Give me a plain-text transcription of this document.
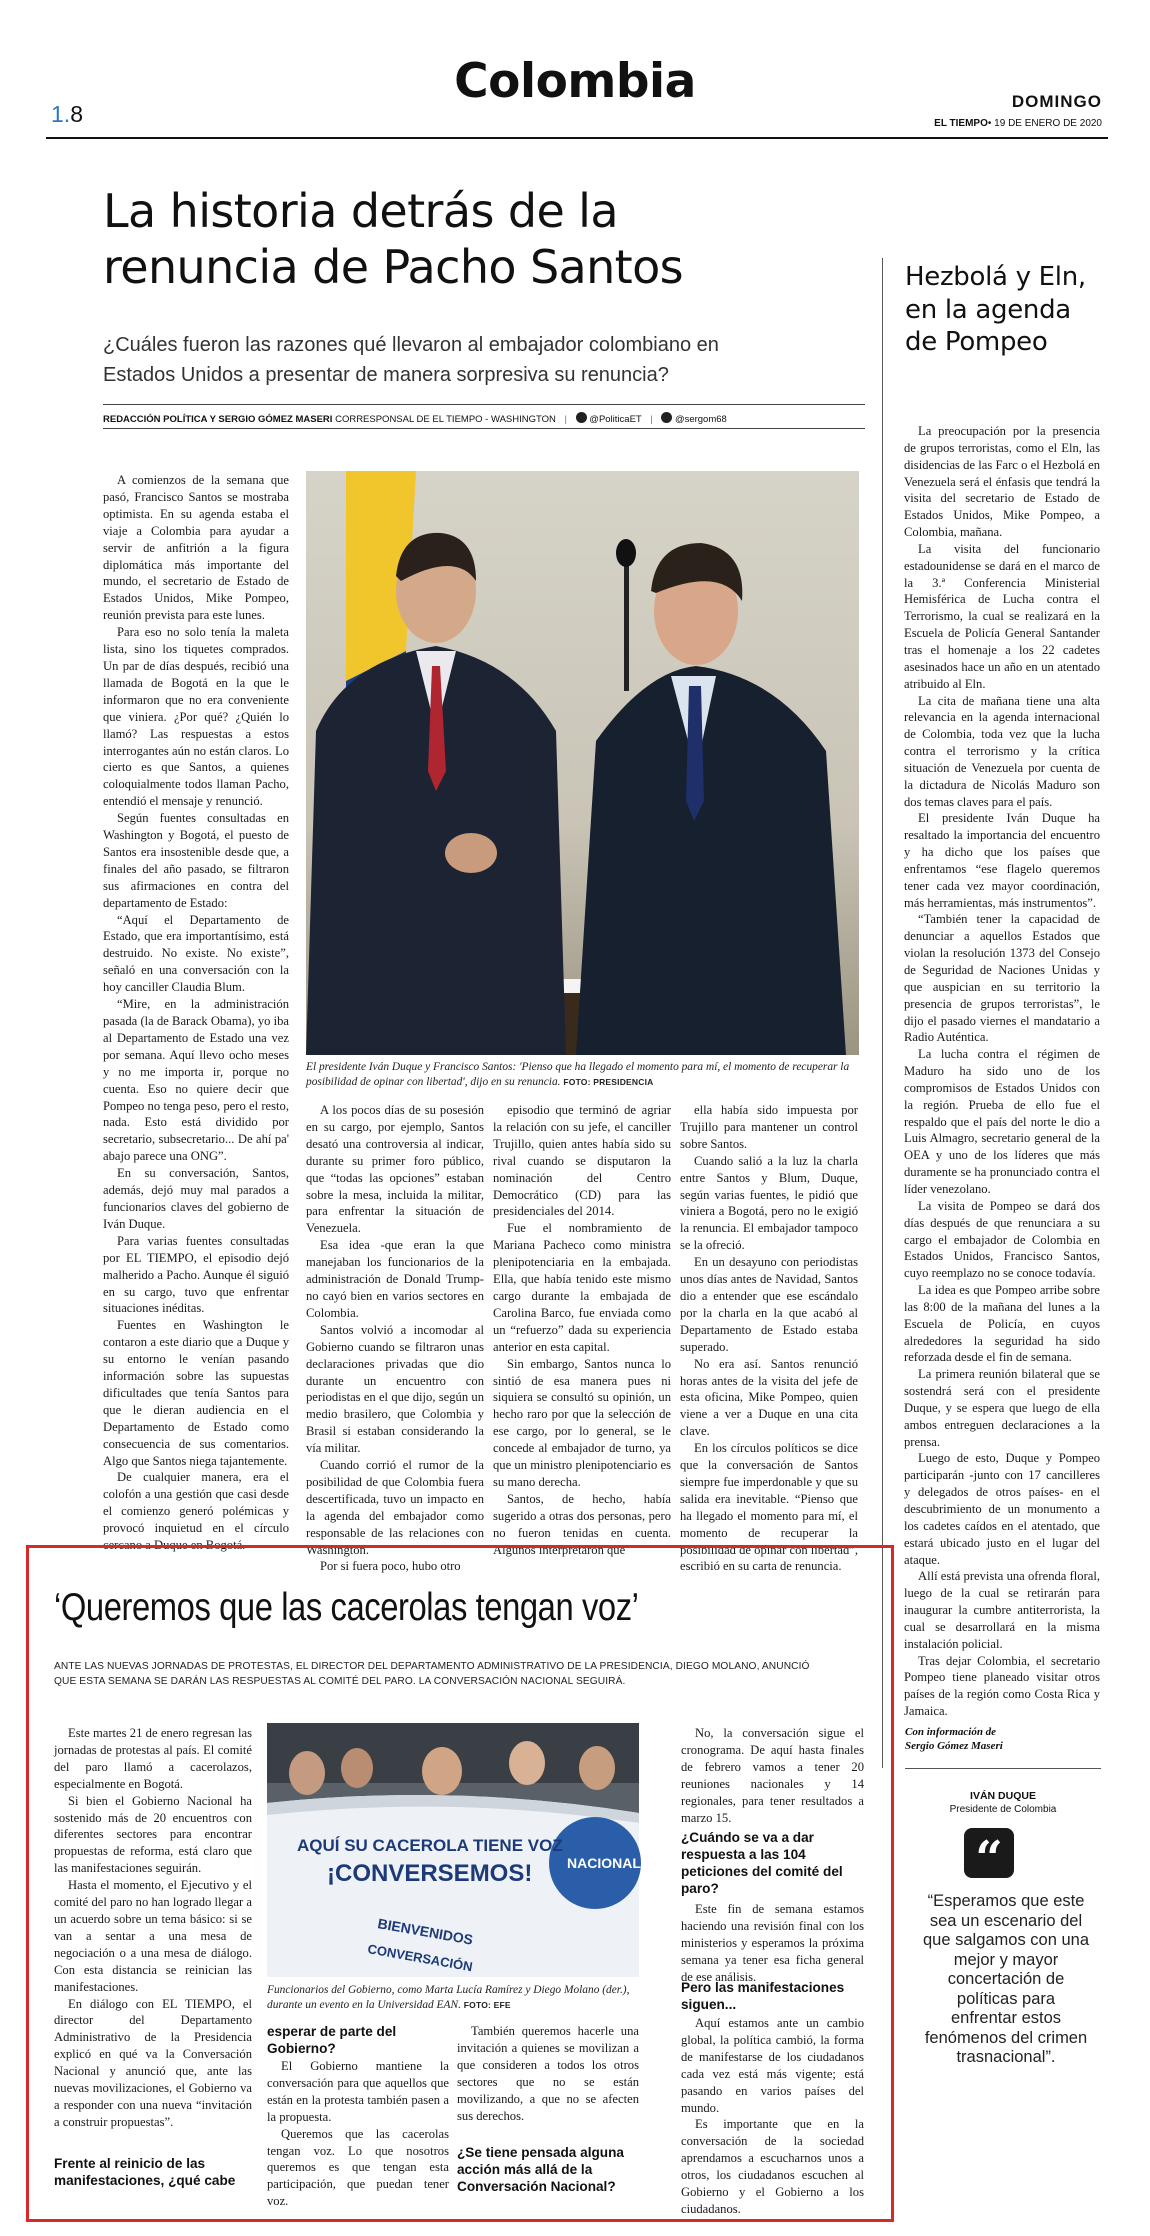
1.8
Colombia	DOMINGO
EL TIEMPO• 19 DE ENERO DE 2020
La historia detrás de la renuncia de Pacho Santos
¿Cuáles fueron las razones qué llevaron al embajador colombiano en Estados Unidos a presentar de manera sorpresiva su renuncia?
REDACCIÓN POLÍTICA Y SERGIO GÓMEZ MASERI CORRESPONSAL DE EL TIEMPO - WASHINGTON | @PoliticaET | @sergom68
El presidente Iván Duque y Francisco Santos: 'Pienso que ha llegado el momento para mí, el momento de recuperar la posibilidad de opinar con libertad', dijo en su renuncia. FOTO: PRESIDENCIA

A comienzos de la semana que pasó, Francisco Santos se mostraba optimista. En su agenda estaba el viaje a Colombia para ayudar a servir de anfitrión a la figura diplomática más importante del mundo, el secretario de Estado de Estados Unidos, Mike Pompeo, reunión prevista para este lunes.

Para eso no solo tenía la maleta lista, sino los tiquetes comprados. Un par de días después, recibió una llamada de Bogotá en la que le informaron que no era conveniente que viniera. ¿Por qué? ¿Quién lo llamó? Las respuestas a estos interrogantes aún no están claros. Lo cierto es que Santos, a quienes coloquialmente todos llaman Pacho, entendió el mensaje y renunció.

Según fuentes consultadas en Washington y Bogotá, el puesto de Santos era insostenible desde que, a finales del año pasado, se filtraron sus afirmaciones en contra del departamento de Estado:

“Aquí el Departamento de Estado, que era importantísimo, está destruido. No existe. No existe”, señaló en una conversación con la hoy canciller Claudia Blum.

“Mire, en la administración pasada (la de Barack Obama), yo iba al Departamento de Estado una vez por semana. Aquí llevo ocho meses y no me importa ir, porque no cuenta. Eso no quiere decir que Pompeo no tenga peso, pero el resto, nada. Esto está dividido por secretario, subsecretario... De ahí pa' abajo parece una ONG”.

En su conversación, Santos, además, dejó muy mal parados a funcionarios claves del gobierno de Iván Duque.

Para varias fuentes consultadas por EL TIEMPO, el episodio dejó malherido a Pacho. Aunque él siguió en su cargo, tuvo que enfrentar situaciones inéditas.

Fuentes en Washington le contaron a este diario que a Duque y su entorno le venían pasando información sobre las supuestas dificultades que tenía Santos para que le dieran audiencia en el Departamento de Estado como consecuencia de sus comentarios. Algo que Santos niega tajantemente.

De cualquier manera, era el colofón a una gestión que casi desde el comienzo generó polémicas y provocó inquietud en el círculo cercano a Duque en Bogotá.

A los pocos días de su posesión en su cargo, por ejemplo, Santos desató una controversia al indicar, durante su primer foro público, que “todas las opciones” estaban sobre la mesa, incluida la militar, para enfrentar la situación de Venezuela.

Esa idea -que eran la que manejaban los funcionarios de la administración de Donald Trump- no cayó bien en varios sectores en Colombia.

Santos volvió a incomodar al Gobierno cuando se filtraron unas declaraciones privadas que dio durante un encuentro con periodistas en el que dijo, según un medio brasilero, que Colombia y Brasil si estaban considerando la vía militar.

Cuando corrió el rumor de la posibilidad de que Colombia fuera descertificada, tuvo un impacto en la agenda del embajador como responsable de las relaciones con Washington.

Por si fuera poco, hubo otro

episodio que terminó de agriar la relación con su jefe, el canciller Trujillo, quien antes había sido su rival cuando se disputaron la nominación del Centro Democrático (CD) para las presidenciales del 2014.

Fue el nombramiento de Mariana Pacheco como ministra plenipotenciaria en la embajada. Ella, que había tenido este mismo cargo durante la embajada de Carolina Barco, fue enviada como un “refuerzo” dada su experiencia anterior en esta capital.

Sin embargo, Santos nunca lo sintió de esa manera pues ni siquiera se consultó su opinión, un hecho raro por que la selección de ese cargo, por lo general, se le concede al embajador de turno, ya que un ministro plenipotenciario es su mano derecha.

Santos, de hecho, había sugerido a otras dos personas, pero no fueron tenidas en cuenta. Algunos interpretaron que

ella había sido impuesta por Trujillo para mantener un control sobre Santos.

Cuando salió a la luz la charla entre Santos y Blum, Duque, según varias fuentes, le pidió que viniera a Bogotá, pero no le exigió la renuncia. El embajador tampoco se la ofreció.

En un desayuno con periodistas unos días antes de Navidad, Santos dio a entender que ese escándalo por la charla en la que acabó al Departamento de Estado estaba superado.

No era así. Santos renunció horas antes de la visita del jefe de esta oficina, Mike Pompeo, quien viene a ver a Duque en una cita clave.

En los círculos políticos se dice que la conversación de Santos siempre fue imperdonable y que su salida era inevitable. “Pienso que ha llegado el momento para mí, el momento de recuperar la posibilidad de opinar con libertad”, escribió en su carta de renuncia.

Hezbolá y Eln, en la agenda de Pompeo

La preocupación por la presencia de grupos terroristas, como el Eln, las disidencias de las Farc o el Hezbolá en Venezuela será el énfasis que tendrá la visita del secretario de Estado de Estados Unidos, Mike Pompeo, a Colombia, mañana.

La visita del funcionario estadounidense se dará en el marco de la 3.ª Conferencia Ministerial Hemisférica de Lucha contra el Terrorismo, la cual se realizará en la Escuela de Policía General Santander tras el homenaje a los 22 cadetes asesinados hace un año en un atentado atribuido al Eln.

La cita de mañana tiene una alta relevancia en la agenda internacional de Colombia, toda vez que la lucha contra el terrorismo y la crítica situación de Venezuela por cuenta de la dictadura de Nicolás Maduro son dos temas claves para el país.

El presidente Iván Duque ha resaltado la importancia del encuentro y ha dicho que los países que enfrentamos “ese flagelo queremos tener cada vez mayor coordinación, más herramientas, más instrumentos”.

“También tener la capacidad de denunciar a aquellos Estados que violan la resolución 1373 del Consejo de Seguridad de Naciones Unidas y que auspician en su territorio la presencia de grupos terroristas”, le dijo el pasado viernes el mandatario a Radio Auténtica.

La lucha contra el régimen de Maduro ha sido uno de los compromisos de Estados Unidos con la región. Prueba de ello fue el respaldo que el país del norte le dio a Luis Almagro, secretario general de la OEA y uno de los líderes que más duramente se ha pronunciado contra el líder venezolano.

La visita de Pompeo se dará dos días después de que renunciara a su cargo el embajador de Colombia en Estados Unidos, Francisco Santos, cuyo reemplazo no se conoce todavía.

La idea es que Pompeo arribe sobre las 8:00 de la mañana del lunes a la Escuela de Policía, en cuyos alrededores la seguridad ha sido reforzada desde el fin de semana.

La primera reunión bilateral que se sostendrá será con el presidente Duque, y se espera que luego de ella ambos entreguen declaraciones a la prensa.

Luego de esto, Duque y Pompeo participarán -junto con 17 cancilleres y delegados de otros países- en el descubrimiento de un monumento a los cadetes caídos en el atentado, que estará ubicado justo en el lugar del ataque.

Allí está prevista una ofrenda floral, luego de la cual se retirarán para inaugurar la cumbre antiterrorista, la cual se desarrollará en la misma instalación policial.

Tras dejar Colombia, el secretario Pompeo tiene planeado visitar otros países de la región como Costa Rica y Jamaica.

Con información de
Sergio Gómez Maseri
IVÁN DUQUE
Presidente de Colombia
“
“Esperamos que este sea un escenario del que salgamos con una mejor y mayor concertación de políticas para enfrentar estos fenómenos del crimen trasnacional”.
‘Queremos que las cacerolas tengan voz’
ANTE LAS NUEVAS JORNADAS DE PROTESTAS, EL DIRECTOR DEL DEPARTAMENTO ADMINISTRATIVO DE LA PRESIDENCIA, DIEGO MOLANO, ANUNCIÓ QUE ESTA SEMANA SE DARÁN LAS RESPUESTAS AL COMITÉ DEL PARO. LA CONVERSACIÓN NACIONAL SEGUIRÁ.
AQUÍ SU CACEROLA TIENE VOZ
¡CONVERSEMOS!
BIENVENIDOS
CONVERSACIÓN
NACIONAL
Funcionarios del Gobierno, como Marta Lucía Ramírez y Diego Molano (der.), durante un evento en la Universidad EAN. FOTO: EFE

Este martes 21 de enero regresan las jornadas de protestas al país. El comité del paro llamó a cacerolazos, especialmente en Bogotá.

Si bien el Gobierno Nacional ha sostenido más de 20 encuentros con diferentes sectores para encontrar propuestas de reforma, está claro que las manifestaciones seguirán.

Hasta el momento, el Ejecutivo y el comité del paro no han logrado llegar a un acuerdo sobre un tema básico: si se van a sentar a una mesa de negociación o a una mesa de diálogo. Con esta distancia se reinician las manifestaciones.

En diálogo con EL TIEMPO, el director del Departamento Administrativo de la Presidencia explicó en qué va la Conversación Nacional y anunció que, ante las nuevas movilizaciones, el Gobierno va a responder con una nueva “invitación a construir propuestas”.

Frente al reinicio de las manifestaciones, ¿qué cabe
esperar de parte del Gobierno?

El Gobierno mantiene la conversación para que aquellos que están en la protesta también pasen a la propuesta.

Queremos que las cacerolas tengan voz. Lo que nosotros queremos es que tengan esta participación, que puedan tener voz.

También queremos hacerle una invitación a quienes se movilizan a que consideren a todos los otros sectores que no se están movilizando, a que no se afecten sus derechos.

¿Se tiene pensada alguna acción más allá de la Conversación Nacional?

No, la conversación sigue el cronograma. De aquí hasta finales de febrero vamos a tener 20 reuniones nacionales y 14 regionales, para tener resultados a marzo 15.

¿Cuándo se va a dar respuesta a las 104 peticiones del comité del paro?

Este fin de semana estamos haciendo una revisión final con los ministerios y esperamos la próxima semana ya tener esa ficha general de ese análisis.

Pero las manifestaciones siguen...

Aquí estamos ante un cambio global, la política cambió, la forma de manifestarse de los ciudadanos cada vez está más vigente; está pasando en varios países del mundo.

Es importante que en la conversación de la sociedad aprendamos a escucharnos unos a otros, los ciudadanos escuchen al Gobierno y el Gobierno a los ciudadanos.
